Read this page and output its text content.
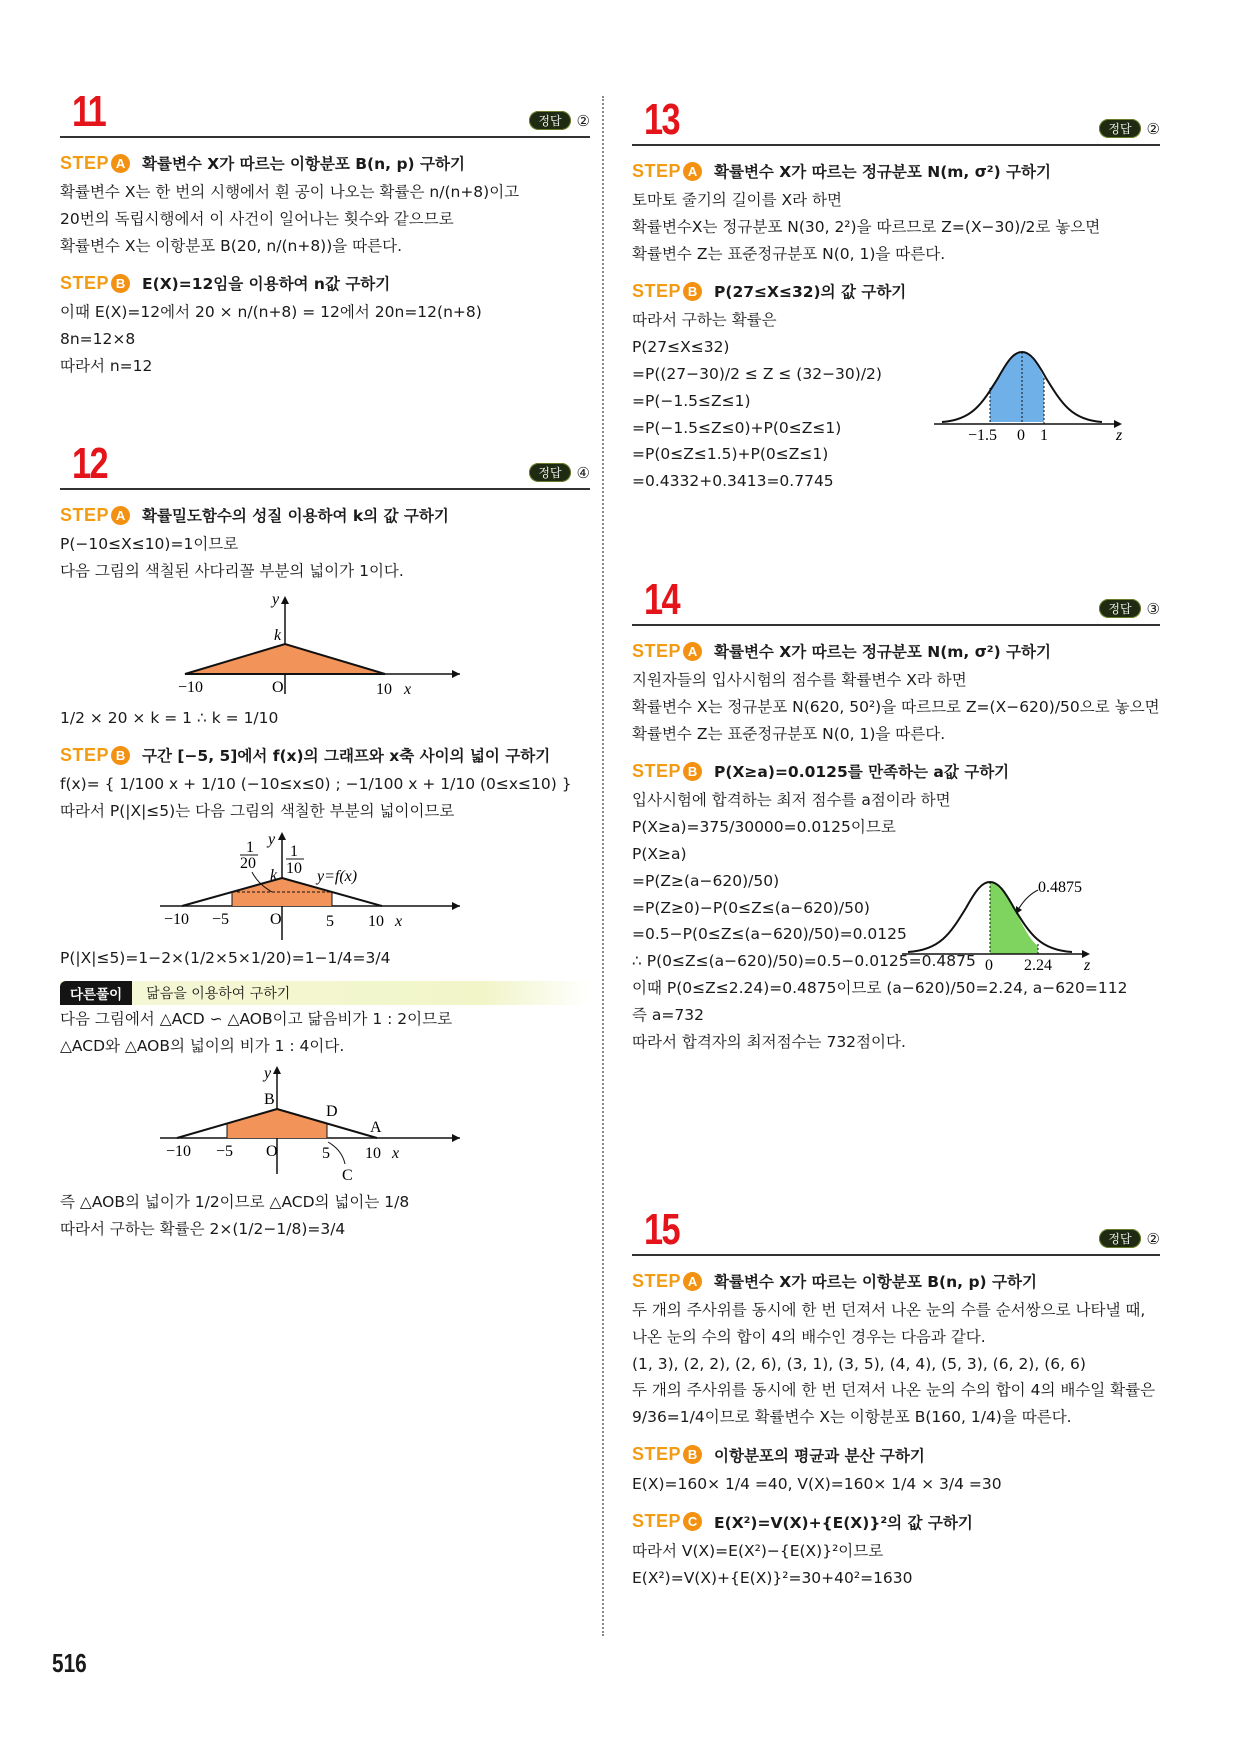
11	정답	②
STEP A	확률변수 X가 따르는 이항분포 B(n, p) 구하기
확률변수 X는 한 번의 시행에서 흰 공이 나오는 확률은 n/(n+8)이고
20번의 독립시행에서 이 사건이 일어나는 횟수와 같으므로
확률변수 X는 이항분포 B(20, n/(n+8))을 따른다.
STEP B	E(X)=12임을 이용하여 n값 구하기
이때 E(X)=12에서 20 × n/(n+8) = 12에서 20n=12(n+8)
8n=12×8
따라서 n=12
12	정답	④
STEP A	확률밀도함수의 성질 이용하여 k의 값 구하기
P(−10≤X≤10)=1이므로
다음 그림의 색칠된 사다리꼴 부분의 넓이가 1이다.
y
k
−10	O	10 x
1/2 × 20 × k = 1 ∴ k = 1/10
STEP B	구간 [−5, 5]에서 f(x)의 그래프와 x축 사이의 넓이 구하기
f(x)= { 1/100 x + 1/10 (−10≤x≤0) ; −1/100 x + 1/10 (0≤x≤10) }
따라서 P(|X|≤5)는 다음 그림의 색칠한 부분의 넓이이므로
y
1
20
k
1
10 y=f(x)
−10 −5	O	5 10 x
P(|X|≤5)=1−2×(1/2×5×1/20)=1−1/4=3/4
다른풀이	닮음을 이용하여 구하기
다음 그림에서 △ACD ∽ △AOB이고 닮음비가 1 : 2이므로
△ACD와 △AOB의 넓이의 비가 1 : 4이다.
y
B
D
A
C
−10 −5 O	5 10 x
즉 △AOB의 넓이가 1/2이므로 △ACD의 넓이는 1/8
따라서 구하는 확률은 2×(1/2−1/8)=3/4
13	정답	②
STEP A	확률변수 X가 따르는 정규분포 N(m, σ²) 구하기
토마토 줄기의 길이를 X라 하면
확률변수X는 정규분포 N(30, 2²)을 따르므로 Z=(X−30)/2로 놓으면
확률변수 Z는 표준정규분포 N(0, 1)을 따른다.
STEP B	P(27≤X≤32)의 값 구하기
따라서 구하는 확률은
P(27≤X≤32)
=P((27−30)/2 ≤ Z ≤ (32−30)/2)
=P(−1.5≤Z≤1)
=P(−1.5≤Z≤0)+P(0≤Z≤1)
=P(0≤Z≤1.5)+P(0≤Z≤1)
=0.4332+0.3413=0.7745
−1.5 0 1	z
14	정답	③
STEP A	확률변수 X가 따르는 정규분포 N(m, σ²) 구하기
지원자들의 입사시험의 점수를 확률변수 X라 하면
확률변수 X는 정규분포 N(620, 50²)을 따르므로 Z=(X−620)/50으로 놓으면
확률변수 Z는 표준정규분포 N(0, 1)을 따른다.
STEP B	P(X≥a)=0.0125를 만족하는 a값 구하기
입사시험에 합격하는 최저 점수를 a점이라 하면
P(X≥a)=375/30000=0.0125이므로
P(X≥a)
=P(Z≥(a−620)/50)
=P(Z≥0)−P(0≤Z≤(a−620)/50)
=0.5−P(0≤Z≤(a−620)/50)=0.0125
∴ P(0≤Z≤(a−620)/50)=0.5−0.0125=0.4875
이때 P(0≤Z≤2.24)=0.4875이므로 (a−620)/50=2.24, a−620=112
즉 a=732
따라서 합격자의 최저점수는 732점이다.
0.4875
0 2.24 z
15	정답	②
STEP A	확률변수 X가 따르는 이항분포 B(n, p) 구하기
두 개의 주사위를 동시에 한 번 던져서 나온 눈의 수를 순서쌍으로 나타낼 때,
나온 눈의 수의 합이 4의 배수인 경우는 다음과 같다.
(1, 3), (2, 2), (2, 6), (3, 1), (3, 5), (4, 4), (5, 3), (6, 2), (6, 6)
두 개의 주사위를 동시에 한 번 던져서 나온 눈의 수의 합이 4의 배수일 확률은
9/36=1/4이므로 확률변수 X는 이항분포 B(160, 1/4)을 따른다.
STEP B	이항분포의 평균과 분산 구하기
E(X)=160× 1/4 =40, V(X)=160× 1/4 × 3/4 =30
STEP C	E(X²)=V(X)+{E(X)}²의 값 구하기
따라서 V(X)=E(X²)−{E(X)}²이므로
E(X²)=V(X)+{E(X)}²=30+40²=1630
516
